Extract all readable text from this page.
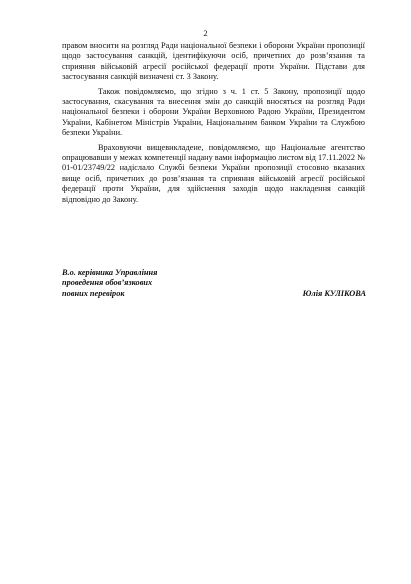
2

правом вносити на розгляд Ради національної безпеки і оборони України пропозиції щодо застосування санкцій, ідентифікуючи осіб, причетних до розв’язання та сприяння військовій агресії російської федерації проти України. Підстави для застосування санкцій визначені ст. 3 Закону.

Також повідомляємо, що згідно з ч. 1 ст. 5 Закону, пропозиції щодо застосування, скасування та внесення змін до санкцій вносяться на розгляд Ради національної безпеки і оборони України Верховною Радою України, Президентом України, Кабінетом Міністрів України, Національним банком України та Службою безпеки України.

Враховуючи вищевикладене, повідомляємо, що Національне агентство опрацювавши у межах компетенції надану вами інформацію листом від 17.11.2022 № 01-01/23749/22 надіслало Службі безпеки України пропозиції стосовно вказаних вище осіб, причетних до розв’язання та сприяння військовій агресії російської федерації проти України, для здійснення заходів щодо накладення санкцій відповідно до Закону.

В.о. керівника Управління
проведення обов’язкових
повних перевірок	Юлія КУЛІКОВА
